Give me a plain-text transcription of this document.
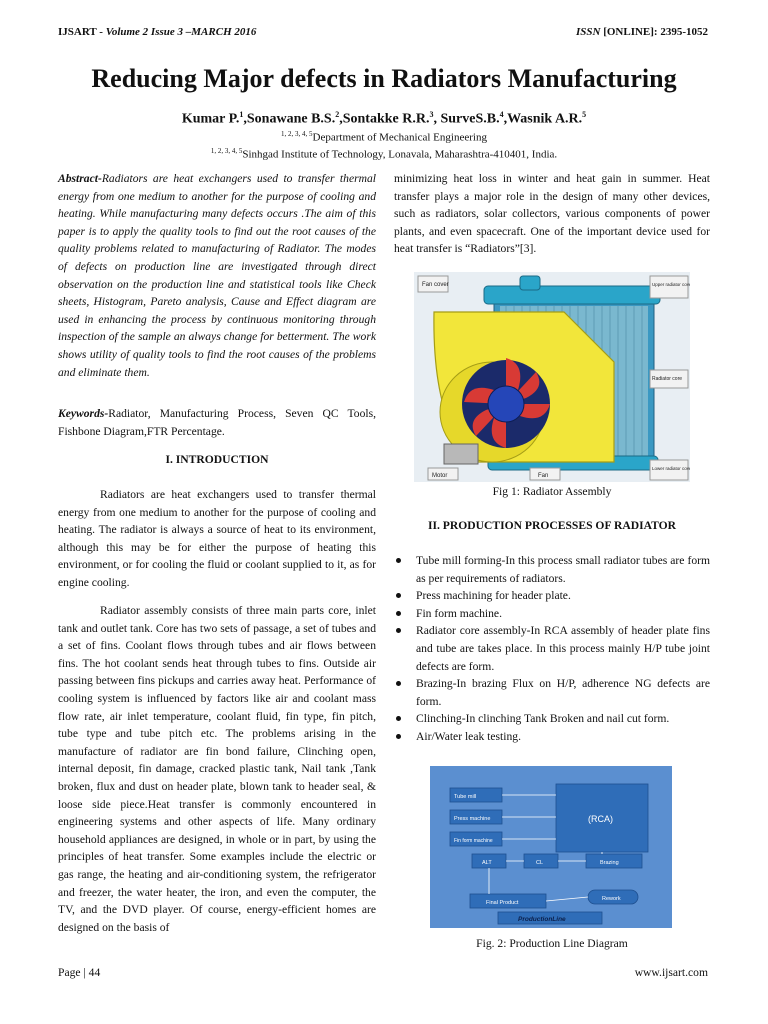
IJSART - Volume 2 Issue 3 –MARCH 2016	ISSN [ONLINE]: 2395-1052
Reducing Major defects in Radiators Manufacturing
Kumar P.$^1$,Sonawane B.S.$^2$,Sontakke R.R.$^3$, SurveS.B.$^4$,Wasnik A.R.$^5$
$^{1, 2, 3, 4, 5}$Department of Mechanical Engineering
$^{1, 2, 3, 4, 5}$Sinhgad Institute of Technology, Lonavala, Maharashtra-410401, India.
Abstract-Radiators are heat exchangers used to transfer thermal energy from one medium to another for the purpose of cooling and heating. While manufacturing many defects occurs .The aim of this paper is to apply the quality tools to find out the root causes of the quality problems related to manufacturing of Radiator. The modes of defects on production line are investigated through direct observation on the production line and statistical tools like Check sheets, Histogram, Pareto analysis, Cause and Effect diagram are used in enhancing the process by continuous monitoring through inspection of the sample an always change for betterment. The work shows utility of quality tools to find the root causes of the problems and eliminate them.
Keywords-Radiator, Manufacturing Process, Seven QC Tools, Fishbone Diagram,FTR Percentage.
I. INTRODUCTION
Radiators are heat exchangers used to transfer thermal energy from one medium to another for the purpose of cooling and heating. The radiator is always a source of heat to its environment, although this may be for either the purpose of heating this environment, or for cooling the fluid or coolant supplied to it, as for engine cooling.
Radiator assembly consists of three main parts core, inlet tank and outlet tank. Core has two sets of passage, a set of tubes and a set of fins. Coolant flows through tubes and air flows between fins. The hot coolant sends heat through tubes to fins. Outside air passing between fins pickups and carries away heat. Performance of cooling system is influenced by factors like air and coolant mass flow rate, air inlet temperature, coolant fluid, fin type, fin pitch, tube type and tube pitch etc. The problems arising in the manufacture of radiator are fin bond failure, Clinching open, internal deposit, fin damage, cracked plastic tank, Nail tank ,Tank broken, flux and dust on header plate, blown tank to header seal, & loose side piece.Heat transfer is commonly encountered in engineering systems and other aspects of life. Many ordinary household appliances are designed, in whole or in part, by using the principles of heat transfer. Some examples include the electric or gas range, the heating and air-conditioning system, the refrigerator and freezer, the water heater, the iron, and even the computer, the TV, and the DVD player. Of course, energy-efficient homes are designed on the basis of
minimizing heat loss in winter and heat gain in summer. Heat transfer plays a major role in the design of many other devices, such as radiators, solar collectors, various components of power plants, and even spacecraft. One of the important device used for heat transfer is “Radiators”[3].
Fan cover	Upper radiator cover
Radiator core
Lower radiator cover
Motor	Fan
Fig 1: Radiator Assembly
II. PRODUCTION PROCESSES OF RADIATOR
Tube mill forming-In this process small radiator tubes are form as per requirements of radiators.
Press machining for header plate.
Fin form machine.
Radiator core assembly-In RCA assembly of header plate fins and tube are takes place. In this process mainly H/P tube joint defects are form.
Brazing-In brazing Flux on H/P, adherence NG defects are form.
Clinching-In clinching Tank Broken and nail cut form.
Air/Water leak testing.
Tube mill
Press machine
Fin form machine
(RCA)
ALT	CL	Brazing
Rework
Final Product
ProductionLine
Fig. 2: Production Line Diagram
Page | 44	www.ijsart.com
